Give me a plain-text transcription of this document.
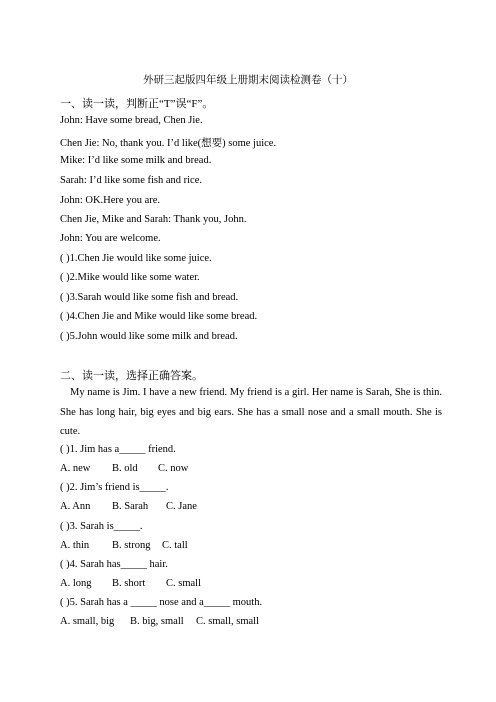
外研三起版四年级上册期末阅读检测卷（十）
一、读一读，判断正“T”误“F”。
John: Have some bread, Chen Jie.
Chen Jie: No, thank you. I’d like(想要) some juice.
Mike: I’d like some milk and bread.
Sarah: I’d like some fish and rice.
John: OK.Here you are.
Chen Jie, Mike and Sarah: Thank you, John.
John: You are welcome.
( )1.Chen Jie would like some juice.
( )2.Mike would like some water.
( )3.Sarah would like some fish and bread.
( )4.Chen Jie and Mike would like some bread.
( )5.John would like some milk and bread.
二、读一读，选择正确答案。
My name is Jim. I have a new friend. My friend is a girl. Her name is Sarah, She is thin. She has long hair, big eyes and big ears. She has a small nose and a small mouth. She is cute.
( )1. Jim has a_____ friend.
A. new B. old C. now
( )2. Jim’s friend is_____.
A. Ann B. Sarah C. Jane
( )3. Sarah is_____.
A. thin B. strong C. tall
( )4. Sarah has_____ hair.
A. long B. short C. small
( )5. Sarah has a _____ nose and a_____ mouth.
A. small, big B. big, small C. small, small
